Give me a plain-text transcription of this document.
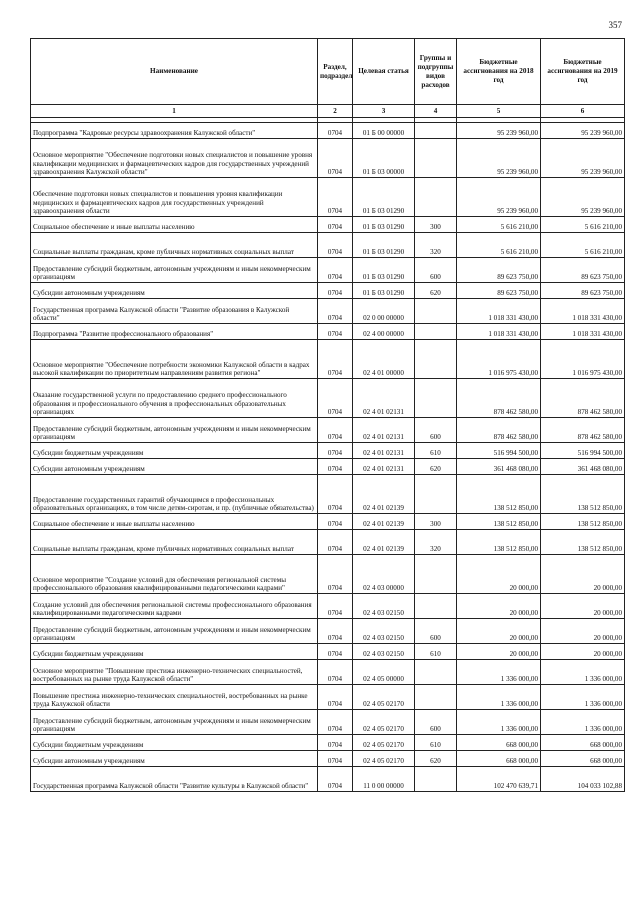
357
Наименование	Раздел, подраздел	Целевая статья	Группы и подгруппы видов расходов	Бюджетные ассигнования на 2018 год	Бюджетные ассигнования на 2019 год
1	2	3	4	5	6

Подпрограмма "Кадровые ресурсы здравоохранения Калужской области"	0704	01 Б 00 00000		95 239 960,00	95 239 960,00
Основное мероприятие "Обеспечение подготовки новых специалистов и повышение уровня квалификации медицинских и фармацевтических кадров для государственных учреждений здравоохранения Калужской области"	0704	01 Б 03 00000		95 239 960,00	95 239 960,00
Обеспечение подготовки новых специалистов и повышения уровня квалификации медицинских и фармацевтических кадров для государственных учреждений здравоохранения области	0704	01 Б 03 01290		95 239 960,00	95 239 960,00
Социальное обеспечение и иные выплаты населению	0704	01 Б 03 01290	300	5 616 210,00	5 616 210,00
Социальные выплаты гражданам, кроме публичных нормативных социальных выплат	0704	01 Б 03 01290	320	5 616 210,00	5 616 210,00
Предоставление субсидий бюджетным, автономным учреждениям и иным некоммерческим организациям	0704	01 Б 03 01290	600	89 623 750,00	89 623 750,00
Субсидии автономным учреждениям	0704	01 Б 03 01290	620	89 623 750,00	89 623 750,00
Государственная программа Калужской области "Развитие образования в Калужской области"	0704	02 0 00 00000		1 018 331 430,00	1 018 331 430,00
Подпрограмма "Развитие профессионального образования"	0704	02 4 00 00000		1 018 331 430,00	1 018 331 430,00
Основное мероприятие "Обеспечение потребности экономики Калужской области в кадрах высокой квалификации по приоритетным направлениям развития региона"	0704	02 4 01 00000		1 016 975 430,00	1 016 975 430,00
Оказание государственной услуги по предоставлению среднего профессионального образования и профессионального обучения в профессиональных образовательных организациях	0704	02 4 01 02131		878 462 580,00	878 462 580,00
Предоставление субсидий бюджетным, автономным учреждениям и иным некоммерческим организациям	0704	02 4 01 02131	600	878 462 580,00	878 462 580,00
Субсидии бюджетным учреждениям	0704	02 4 01 02131	610	516 994 500,00	516 994 500,00
Субсидии автономным учреждениям	0704	02 4 01 02131	620	361 468 080,00	361 468 080,00
Предоставление государственных гарантий обучающимся в профессиональных образовательных организациях, в том числе детям-сиротам, и пр. (публичные обязательства)	0704	02 4 01 02139		138 512 850,00	138 512 850,00
Социальное обеспечение и иные выплаты населению	0704	02 4 01 02139	300	138 512 850,00	138 512 850,00
Социальные выплаты гражданам, кроме публичных нормативных социальных выплат	0704	02 4 01 02139	320	138 512 850,00	138 512 850,00
Основное мероприятие "Создание условий для обеспечения региональной системы профессионального образования квалифицированными педагогическими кадрами"	0704	02 4 03 00000		20 000,00	20 000,00
Создание условий для обеспечения региональной системы профессионального образования квалифицированными педагогическими кадрами	0704	02 4 03 02150		20 000,00	20 000,00
Предоставление субсидий бюджетным, автономным учреждениям и иным некоммерческим организациям	0704	02 4 03 02150	600	20 000,00	20 000,00
Субсидии бюджетным учреждениям	0704	02 4 03 02150	610	20 000,00	20 000,00
Основное мероприятие "Повышение престижа инженерно-технических специальностей, востребованных на рынке труда Калужской области"	0704	02 4 05 00000		1 336 000,00	1 336 000,00
Повышение престижа инженерно-технических специальностей, востребованных на рынке труда Калужской области	0704	02 4 05 02170		1 336 000,00	1 336 000,00
Предоставление субсидий бюджетным, автономным учреждениям и иным некоммерческим организациям	0704	02 4 05 02170	600	1 336 000,00	1 336 000,00
Субсидии бюджетным учреждениям	0704	02 4 05 02170	610	668 000,00	668 000,00
Субсидии автономным учреждениям	0704	02 4 05 02170	620	668 000,00	668 000,00
Государственная программа Калужской области "Развитие культуры в Калужской области"	0704	11 0 00 00000		102 470 639,71	104 033 102,88
